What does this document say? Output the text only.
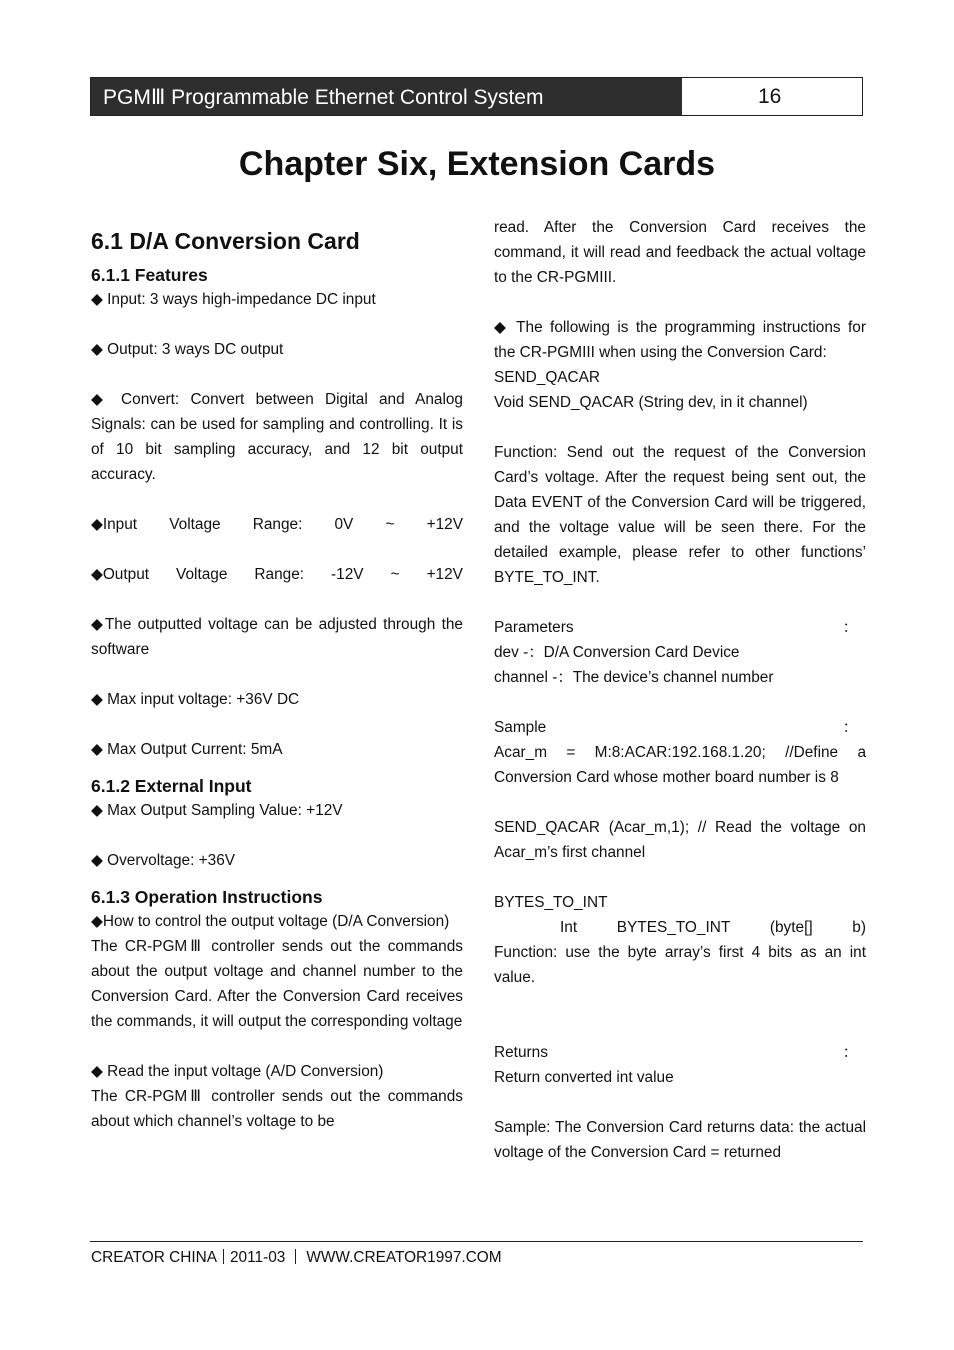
PGMⅢ Programmable Ethernet Control System	16
Chapter Six, Extension Cards
6.1 D/A Conversion Card
6.1.1 Features

◆ Input: 3 ways high-impedance DC input

◆ Output: 3 ways DC output

◆ Convert: Convert between Digital and Analog Signals: can be used for sampling and controlling. It is of 10 bit sampling accuracy, and 12 bit output accuracy.

◆Input Voltage Range: 0V ~ +12V
◆Output Voltage Range: -12V ~ +12V

◆The outputted voltage can be adjusted through the software

◆ Max input voltage: +36V DC

◆ Max Output Current: 5mA

6.1.2 External Input

◆ Max Output Sampling Value: +12V

◆ Overvoltage: +36V

6.1.3 Operation Instructions

◆How to control the output voltage (D/A Conversion)

The CR-PGMⅢ controller sends out the commands about the output voltage and channel number to the Conversion Card. After the Conversion Card receives the commands, it will output the corresponding voltage

◆ Read the input voltage (A/D Conversion)

The CR-PGMⅢ controller sends out the commands about which channel’s voltage to be

read. After the Conversion Card receives the command, it will read and feedback the actual voltage to the CR-PGMIII.

◆ The following is the programming instructions for the CR-PGMIII when using the Conversion Card:

SEND_QACAR

Void SEND_QACAR (String dev, in it channel)

Function: Send out the request of the Conversion Card’s voltage. After the request being sent out, the Data EVENT of the Conversion Card will be triggered, and the voltage value will be seen there. For the detailed example, please refer to other functions’ BYTE_TO_INT.

Parameters	：

dev -：D/A Conversion Card Device

channel -：The device’s channel number

Sample	：

Acar_m = M:8:ACAR:192.168.1.20; //Define a Conversion Card whose mother board number is 8

SEND_QACAR (Acar_m,1); // Read the voltage on Acar_m’s first channel

BYTES_TO_INT

Int	BYTES_TO_INT	(byte[]	b)

Function: use the byte array’s first 4 bits as an int value.

Returns	：

Return converted int value

Sample: The Conversion Card returns data: the actual voltage of the Conversion Card = returned

CREATOR CHINA 2011-03 WWW.CREATOR1997.COM
